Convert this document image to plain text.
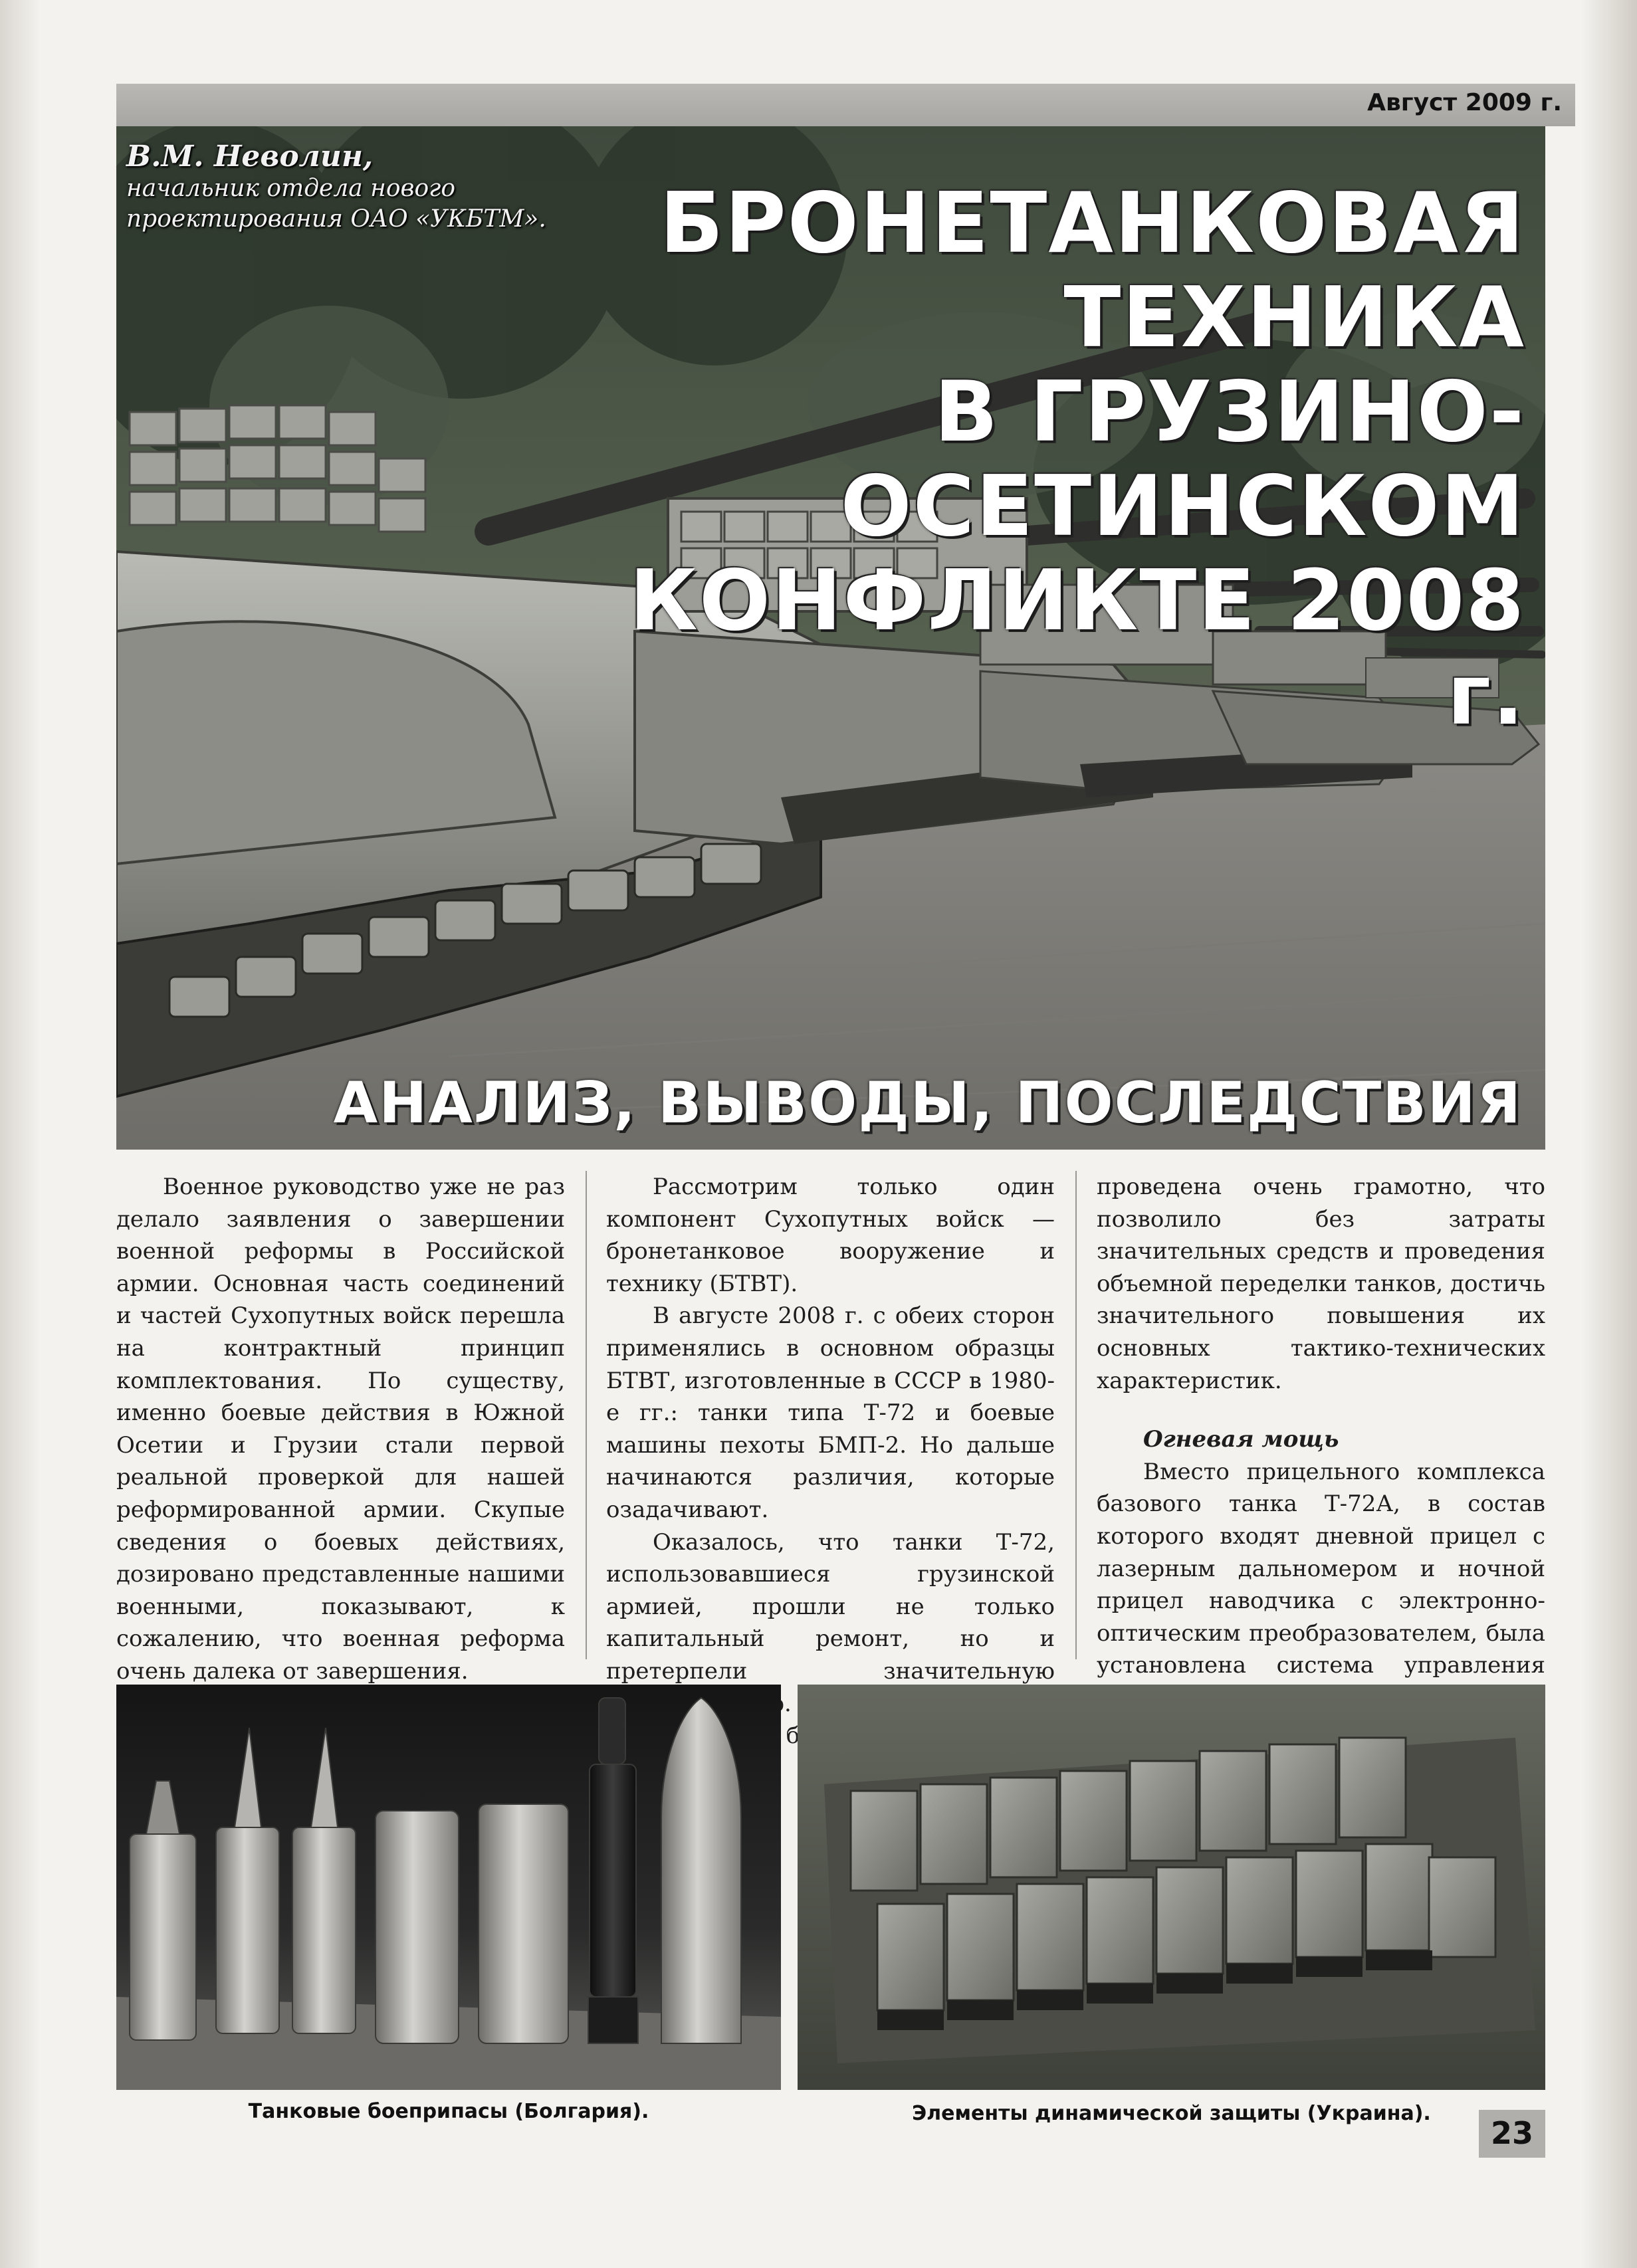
Август 2009 г.
В.М. Неволин,
начальник отдела нового
проектирования ОАО «УКБТМ».	БРОНЕТАНКОВАЯ ТЕХНИКА
В ГРУЗИНО-ОСЕТИНСКОМ
КОНФЛИКТЕ 2008 г.
АНАЛИЗ, ВЫВОДЫ, ПОСЛЕДСТВИЯ

Военное руководство уже не раз делало заявления о завершении военной реформы в Российской армии. Основная часть соединений и частей Сухопутных войск перешла на контрактный принцип комплектования. По существу, именно боевые действия в Южной Осетии и Грузии стали первой реальной проверкой для нашей реформированной армии. Скупые сведения о боевых действиях, дозировано представленные нашими военными, показывают, к сожалению, что военная реформа очень далека от завершения.

Рассмотрим только один компонент Сухопутных войск — бронетанковое вооружение и технику (БТВТ).

В августе 2008 г. с обеих сторон применялись в основном образцы БТВТ, изготовленные в СССР в 1980-е гг.: танки типа Т-72 и боевые машины пехоты БМП-2. Но дальше начинаются различия, которые озадачивают.

Оказалось, что танки Т-72, использовавшиеся грузинской армией, прошли не только капитальный ремонт, но и претерпели значительную

проведена очень грамотно, что позволило без затраты значительных средств и проведения объемной переделки танков, достичь значительного повышения их основных тактико-технических характеристик.

Огневая мощь

Вместо прицельного комплекса базового танка Т-72А, в состав которого входят дневной прицел с лазерным дальномером и ночной прицел наводчика с электронно-оптическим преобразователем, была установлена система управления

Танковые боеприпасы (Болгария).	Элементы динамической защиты (Украина).
23
